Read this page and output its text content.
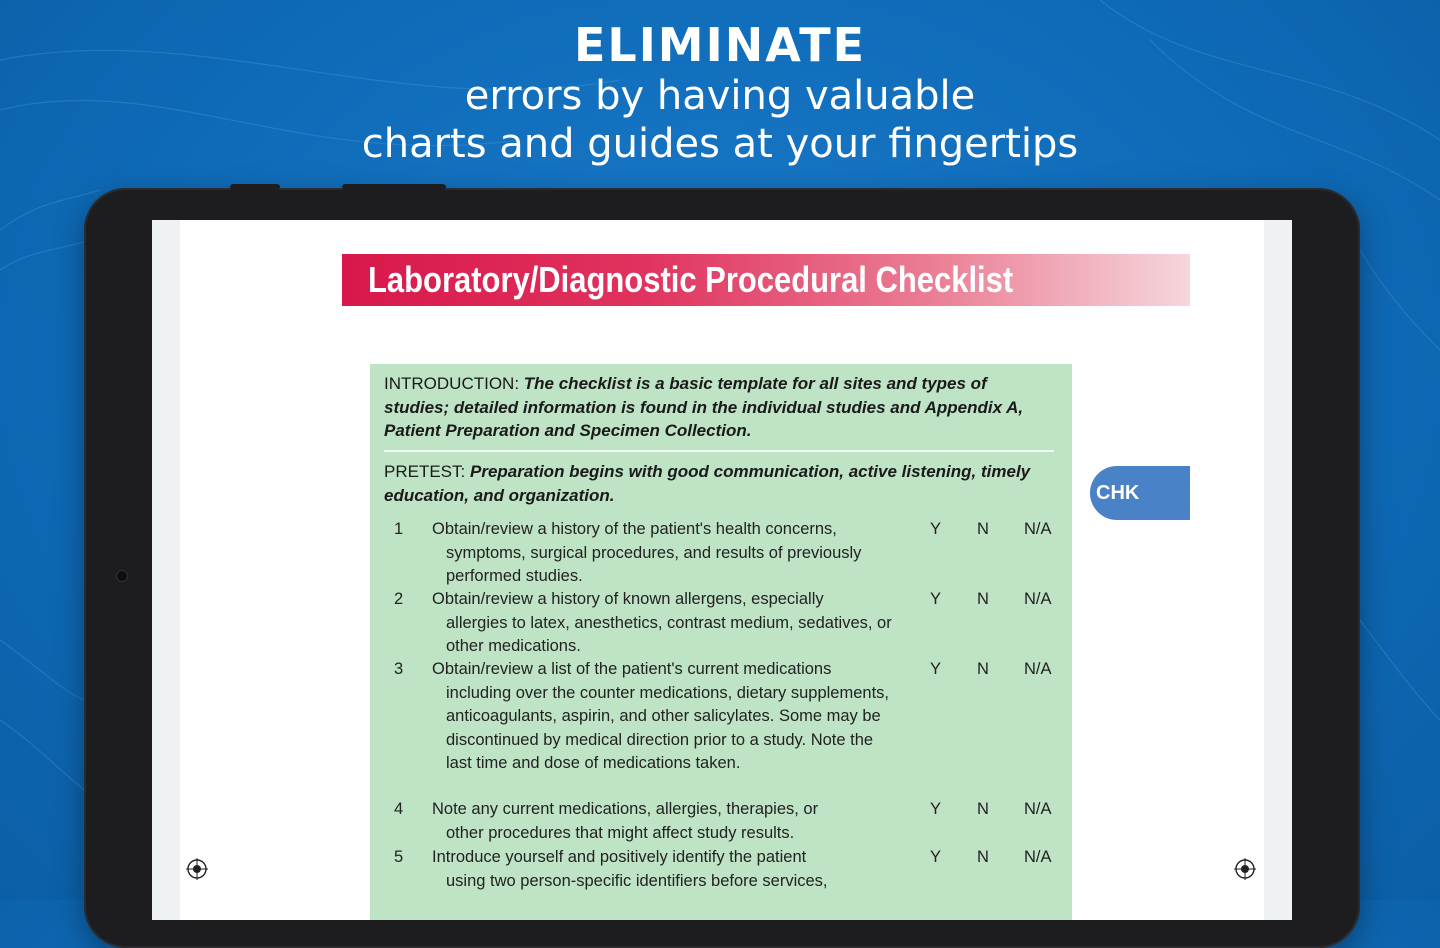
ELIMINATE
errors by having valuable
charts and guides at your fingertips
Laboratory/Diagnostic Procedural Checklist
CHK
INTRODUCTION: The checklist is a basic template for all sites and types of studies; detailed information is found in the individual studies and Appendix A, Patient Preparation and Specimen Collection.
PRETEST: Preparation begins with good communication, active listening, timely education, and organization.
1	Obtain/review a history of the patient's health concerns,
symptoms, surgical procedures, and results of previously performed studies.
Y N N/A
2	Obtain/review a history of known allergens, especially
allergies to latex, anesthetics, contrast medium, sedatives, or other medications.
Y N N/A
3	Obtain/review a list of the patient's current medications
including over the counter medications, dietary supplements, anticoagulants, aspirin, and other salicylates. Some may be discontinued by medical direction prior to a study. Note the last time and dose of medications taken.
Y N N/A
4	Note any current medications, allergies, therapies, or
other procedures that might affect study results.
Y N N/A
5	Introduce yourself and positively identify the patient
using two person-specific identifiers before services,
Y N N/A
